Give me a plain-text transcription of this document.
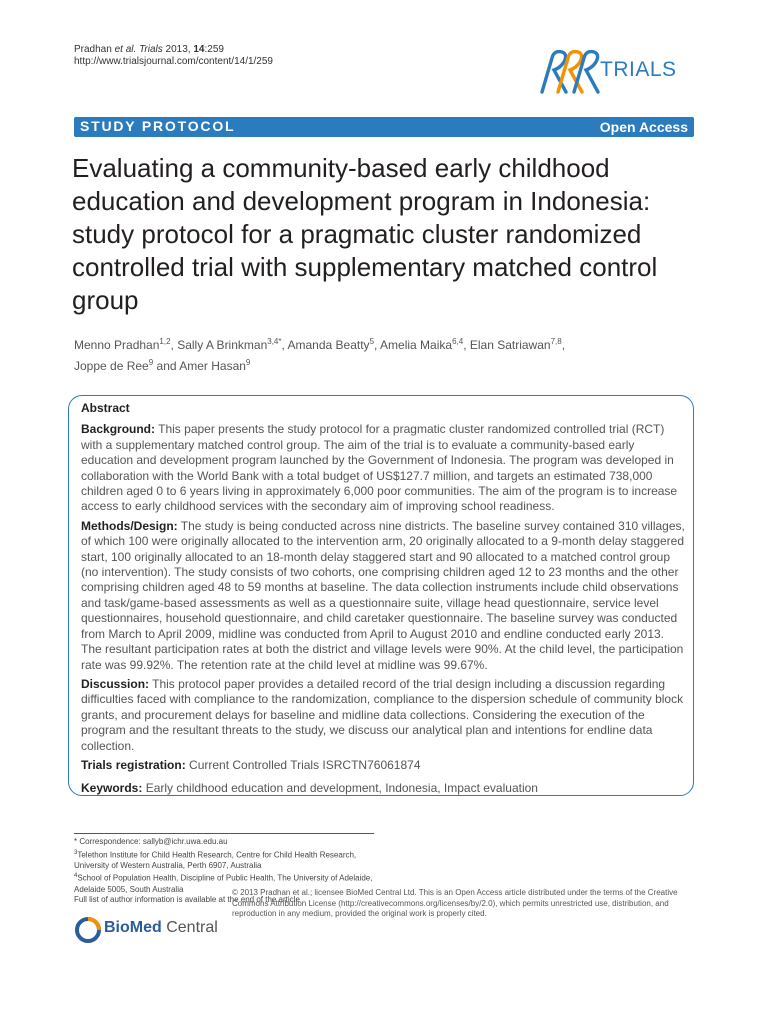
Pradhan et al. Trials 2013, 14:259
http://www.trialsjournal.com/content/14/1/259	TRIALS
STUDY PROTOCOL	Open Access
Evaluating a community-based early childhood education and development program in Indonesia: study protocol for a pragmatic cluster randomized controlled trial with supplementary matched control group
Menno Pradhan$^{1,2}$, Sally A Brinkman$^{3,4*}$, Amanda Beatty$^5$, Amelia Maika$^{6,4}$, Elan Satriawan$^{7,8}$,
Joppe de Ree$^9$ and Amer Hasan$^9$
Abstract

Background: This paper presents the study protocol for a pragmatic cluster randomized controlled trial (RCT) with a supplementary matched control group. The aim of the trial is to evaluate a community-based early education and development program launched by the Government of Indonesia. The program was developed in collaboration with the World Bank with a total budget of US$127.7 million, and targets an estimated 738,000 children aged 0 to 6 years living in approximately 6,000 poor communities. The aim of the program is to increase access to early childhood services with the secondary aim of improving school readiness.

Methods/Design: The study is being conducted across nine districts. The baseline survey contained 310 villages, of which 100 were originally allocated to the intervention arm, 20 originally allocated to a 9-month delay staggered start, 100 originally allocated to an 18-month delay staggered start and 90 allocated to a matched control group (no intervention). The study consists of two cohorts, one comprising children aged 12 to 23 months and the other comprising children aged 48 to 59 months at baseline. The data collection instruments include child observations and task/game-based assessments as well as a questionnaire suite, village head questionnaire, service level questionnaires, household questionnaire, and child caretaker questionnaire. The baseline survey was conducted from March to April 2009, midline was conducted from April to August 2010 and endline conducted early 2013. The resultant participation rates at both the district and village levels were 90%. At the child level, the participation rate was 99.92%. The retention rate at the child level at midline was 99.67%.

Discussion: This protocol paper provides a detailed record of the trial design including a discussion regarding difficulties faced with compliance to the randomization, compliance to the dispersion schedule of community block grants, and procurement delays for baseline and midline data collections. Considering the execution of the program and the resultant threats to the study, we discuss our analytical plan and intentions for endline data collection.

Trials registration: Current Controlled Trials ISRCTN76061874

Keywords: Early childhood education and development, Indonesia, Impact evaluation

* Correspondence: sallyb@ichr.uwa.edu.au

$^3$Telethon Institute for Child Health Research, Centre for Child Health Research, University of Western Australia, Perth 6907, Australia

$^4$School of Population Health, Discipline of Public Health, The University of Adelaide, Adelaide 5005, South Australia

Full list of author information is available at the end of the article

BioMed Central
© 2013 Pradhan et al.; licensee BioMed Central Ltd. This is an Open Access article distributed under the terms of the Creative Commons Attribution License (http://creativecommons.org/licenses/by/2.0), which permits unrestricted use, distribution, and reproduction in any medium, provided the original work is properly cited.
